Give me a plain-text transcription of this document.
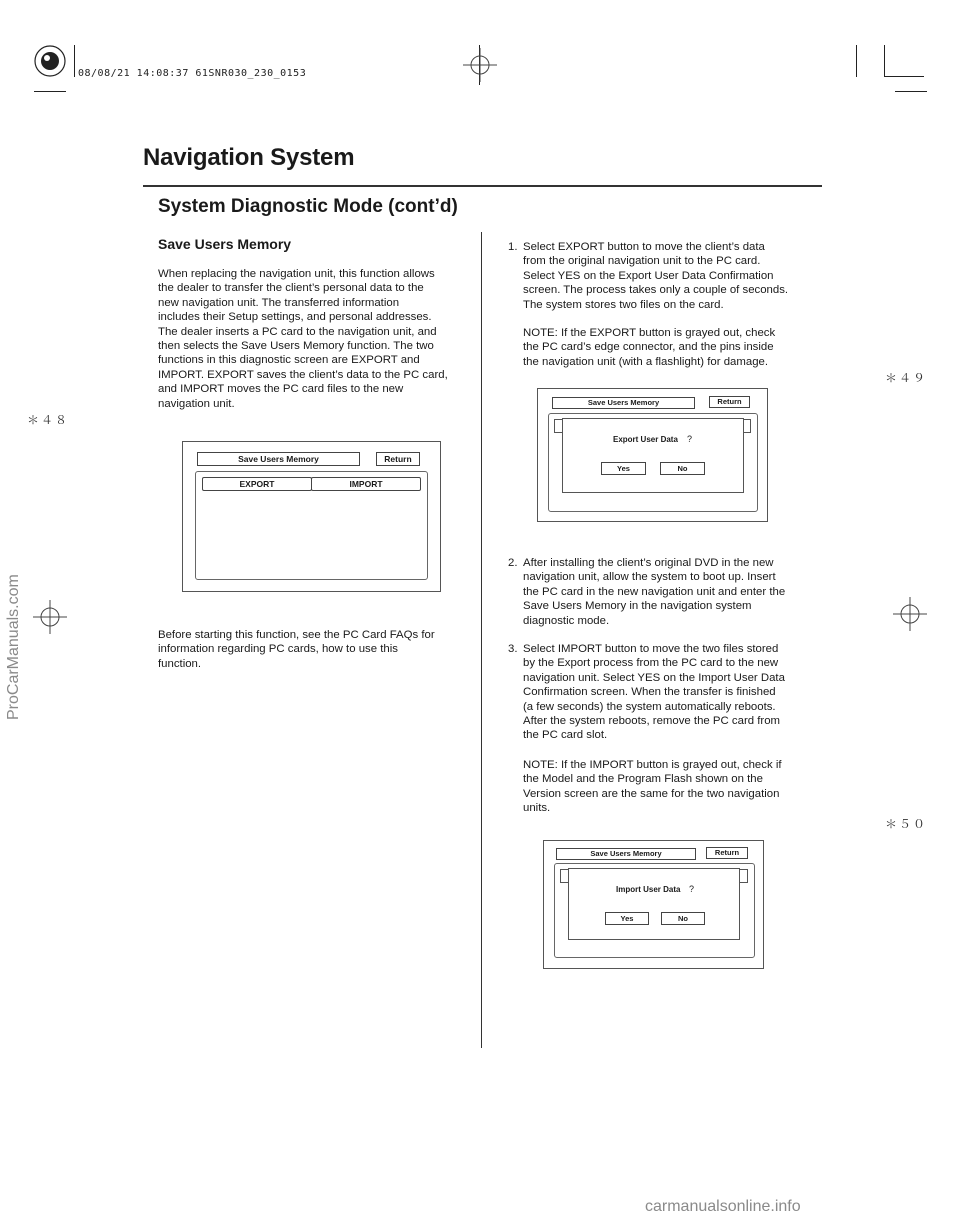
08/08/21 14:08:37 61SNR030_230_0153
Navigation System
System Diagnostic Mode (cont’d)
Save Users Memory
When replacing the navigation unit, this function allows
the dealer to transfer the client’s personal data to the
new navigation unit. The transferred information
includes their Setup settings, and personal addresses.
The dealer inserts a PC card to the navigation unit, and
then selects the Save Users Memory function. The two
functions in this diagnostic screen are EXPORT and
IMPORT. EXPORT saves the client’s data to the PC card,
and IMPORT moves the PC card files to the new
navigation unit.
Save Users Memory	Return
EXPORT	IMPORT
Before starting this function, see the PC Card FAQs for
information regarding PC cards, how to use this
function.

1. Select EXPORT button to move the client’s data
from the original navigation unit to the PC card.
Select YES on the Export User Data Confirmation
screen. The process takes only a couple of seconds.
The system stores two files on the card.

NOTE: If the EXPORT button is grayed out, check
the PC card’s edge connector, and the pins inside
the navigation unit (with a flashlight) for damage.
Save Users Memory	Return
Export User Data ?
Yes	No

2. After installing the client’s original DVD in the new
navigation unit, allow the system to boot up. Insert
the PC card in the new navigation unit and enter the
Save Users Memory in the navigation system
diagnostic mode.

3. Select IMPORT button to move the two files stored
by the Export process from the PC card to the new
navigation unit. Select YES on the Import User Data
Confirmation screen. When the transfer is finished
(a few seconds) the system automatically reboots.
After the system reboots, remove the PC card from
the PC card slot.

NOTE: If the IMPORT button is grayed out, check if
the Model and the Program Flash shown on the
Version screen are the same for the two navigation
units.
Save Users Memory	Return
Import User Data ?
Yes	No
＊４８
＊４９
＊５０
ProCarManuals.com
carmanualsonline.info
